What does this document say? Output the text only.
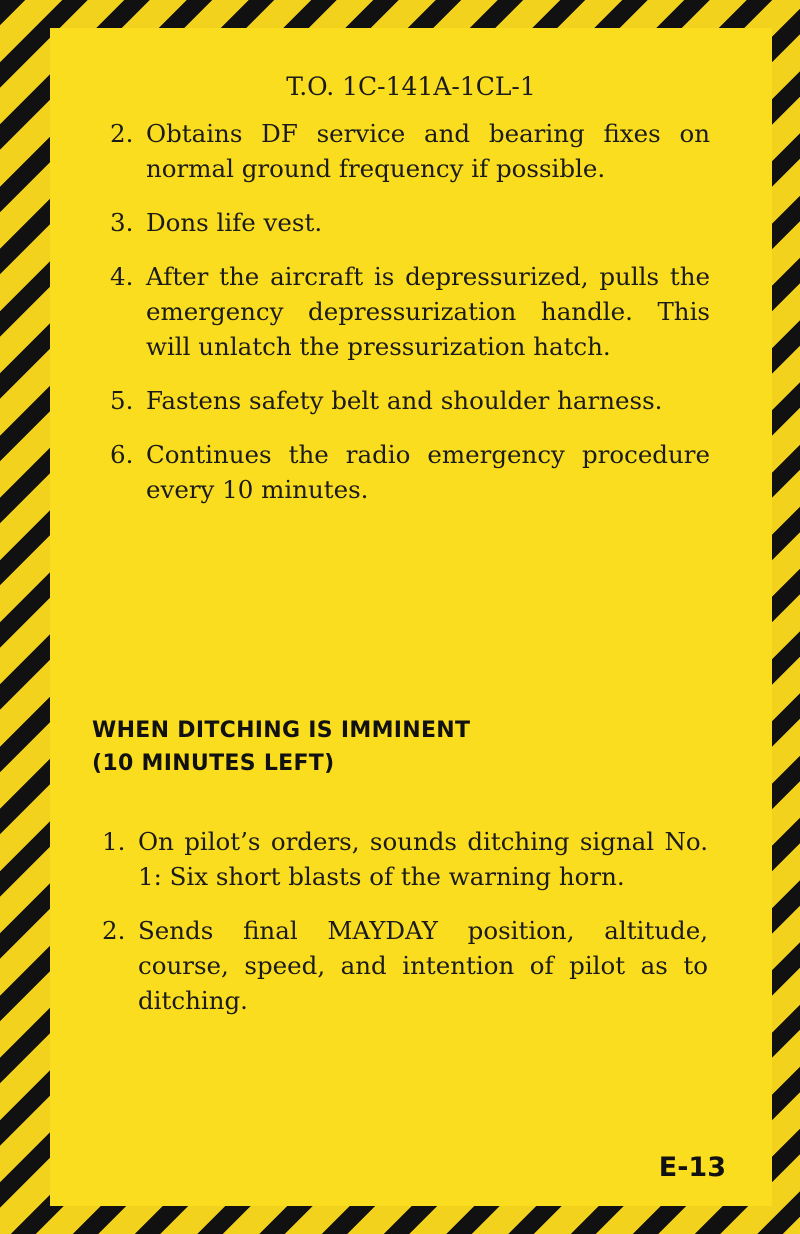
T.O. 1C-141A-1CL-1
2. Obtains DF service and bearing fixes on normal ground frequency if possible.
3. Dons life vest.
4. After the aircraft is depressurized, pulls the emergency depressurization handle. This will unlatch the pressurization hatch.
5. Fastens safety belt and shoulder harness.
6. Continues the radio emergency procedure every 10 minutes.
WHEN DITCHING IS IMMINENT
(10 MINUTES LEFT)
1. On pilot’s orders, sounds ditching signal No. 1: Six short blasts of the warning horn.
2. Sends final MAYDAY position, altitude, course, speed, and intention of pilot as to ditching.
E-13
